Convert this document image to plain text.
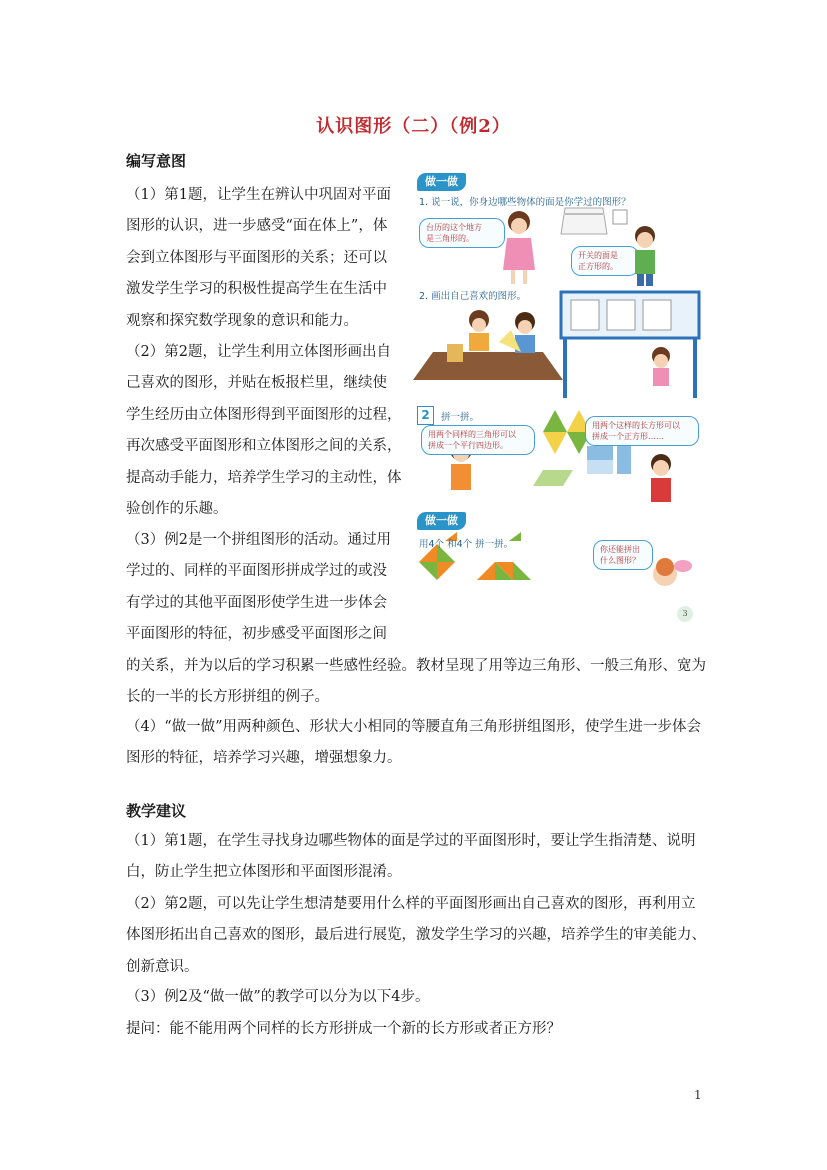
认识图形（二）（例2）
编写意图
（1）第1题，让学生在辨认中巩固对平面
图形的认识，进一步感受“面在体上”，体
会到立体图形与平面图形的关系；还可以
激发学生学习的积极性提高学生在生活中
观察和探究数学现象的意识和能力。
（2）第2题，让学生利用立体图形画出自
己喜欢的图形，并贴在板报栏里，继续使
学生经历由立体图形得到平面图形的过程，
再次感受平面图形和立体图形之间的关系，
提高动手能力，培养学生学习的主动性，体
验创作的乐趣。
（3）例2是一个拼组图形的活动。通过用
学过的、同样的平面图形拼成学过的或没
有学过的其他平面图形使学生进一步体会
平面图形的特征，初步感受平面图形之间
的关系，并为以后的学习积累一些感性经验。教材呈现了用等边三角形、一般三角形、宽为
长的一半的长方形拼组的例子。
（4）“做一做”用两种颜色、形状大小相同的等腰直角三角形拼组图形，使学生进一步体会
图形的特征，培养学习兴趣，增强想象力。
教学建议
（1）第1题，在学生寻找身边哪些物体的面是学过的平面图形时，要让学生指清楚、说明
白，防止学生把立体图形和平面图形混淆。
（2）第2题，可以先让学生想清楚要用什么样的平面图形画出自己喜欢的图形，再利用立
体图形拓出自己喜欢的图形，最后进行展览，激发学生学习的兴趣，培养学生的审美能力、
创新意识。
（3）例2及“做一做”的教学可以分为以下4步。
提问：能不能用两个同样的长方形拼成一个新的长方形或者正方形？
做一做
1. 说一说，你身边哪些物体的面是你学过的图形？
台历的这个地方
是三角形的。
开关的面是
正方形的。
2	拼一拼。
2. 画出自己喜欢的图形。
用两个同样的三角形可以
拼成一个平行四边形。
用两个这样的长方形可以
拼成一个正方形……
做一做
用4个 和4个 拼一拼。	你还能拼出
什么图形？
3
1
